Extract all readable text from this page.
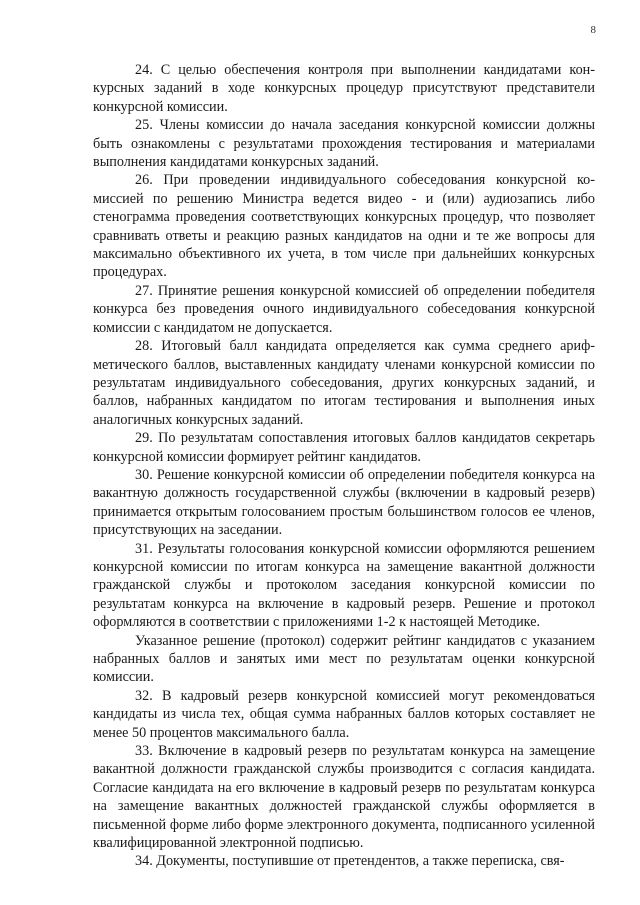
8

24. С целью обеспечения контроля при выполнении кандидатами конкурсных заданий в ходе конкурсных процедур присутствуют представители конкурсной комиссии.

25. Члены комиссии до начала заседания конкурсной комиссии должны быть ознакомлены с результатами прохождения тестирования и материалами выполнения кандидатами конкурсных заданий.

26. При проведении индивидуального собеседования конкурсной комиссией по решению Министра ведется видео - и (или) аудиозапись либо стенограмма проведения соответствующих конкурсных процедур, что позволяет сравнивать ответы и реакцию разных кандидатов на одни и те же вопросы для максимально объективного их учета, в том числе при дальнейших конкурсных процедурах.

27. Принятие решения конкурсной комиссией об определении победителя конкурса без проведения очного индивидуального собеседования конкурсной комиссии с кандидатом не допускается.

28. Итоговый балл кандидата определяется как сумма среднего арифметического баллов, выставленных кандидату членами конкурсной комиссии по результатам индивидуального собеседования, других конкурсных заданий, и баллов, набранных кандидатом по итогам тестирования и выполнения иных аналогичных конкурсных заданий.

29. По результатам сопоставления итоговых баллов кандидатов секретарь конкурсной комиссии формирует рейтинг кандидатов.

30. Решение конкурсной комиссии об определении победителя конкурса на вакантную должность государственной службы (включении в кадровый резерв) принимается открытым голосованием простым большинством голосов ее членов, присутствующих на заседании.

31. Результаты голосования конкурсной комиссии оформляются решением конкурсной комиссии по итогам конкурса на замещение вакантной должности гражданской службы и протоколом заседания конкурсной комиссии по результатам конкурса на включение в кадровый резерв. Решение и протокол оформляются в соответствии с приложениями 1-2 к настоящей Методике.

Указанное решение (протокол) содержит рейтинг кандидатов с указанием набранных баллов и занятых ими мест по результатам оценки конкурсной комиссии.

32. В кадровый резерв конкурсной комиссией могут рекомендоваться кандидаты из числа тех, общая сумма набранных баллов которых составляет не менее 50 процентов максимального балла.

33. Включение в кадровый резерв по результатам конкурса на замещение вакантной должности гражданской службы производится с согласия кандидата. Согласие кандидата на его включение в кадровый резерв по результатам конкурса на замещение вакантных должностей гражданской службы оформляется в письменной форме либо форме электронного документа, подписанного усиленной квалифицированной электронной подписью.

34. Документы, поступившие от претендентов, а также переписка, свя-
